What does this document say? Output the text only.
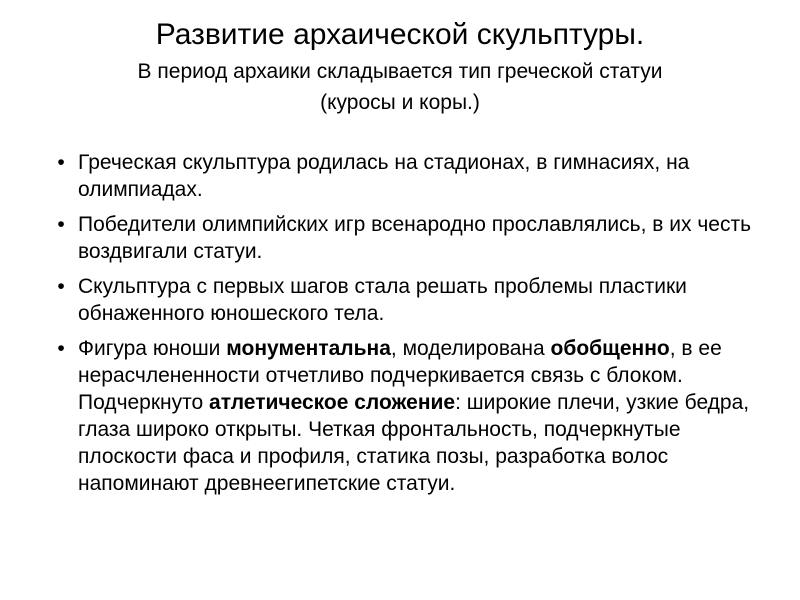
Развитие архаической скульптуры.
В период архаики складывается тип греческой статуи
(куросы и коры.)
• Греческая скульптура родилась на стадионах, в гимнасиях, на олимпиадах.
• Победители олимпийских игр всенародно прославлялись, в их честь воздвигали статуи.
• Скульптура с первых шагов стала решать проблемы пластики обнаженного юношеского тела.
• Фигура юноши монументальна, моделирована обобщенно, в ее нерасчлененности отчетливо подчеркивается связь с блоком. Подчеркнуто атлетическое сложение: широкие плечи, узкие бедра, глаза широко открыты. Четкая фронтальность, подчеркнутые плоскости фаса и профиля, статика позы, разработка волос напоминают древнеегипетские статуи.
